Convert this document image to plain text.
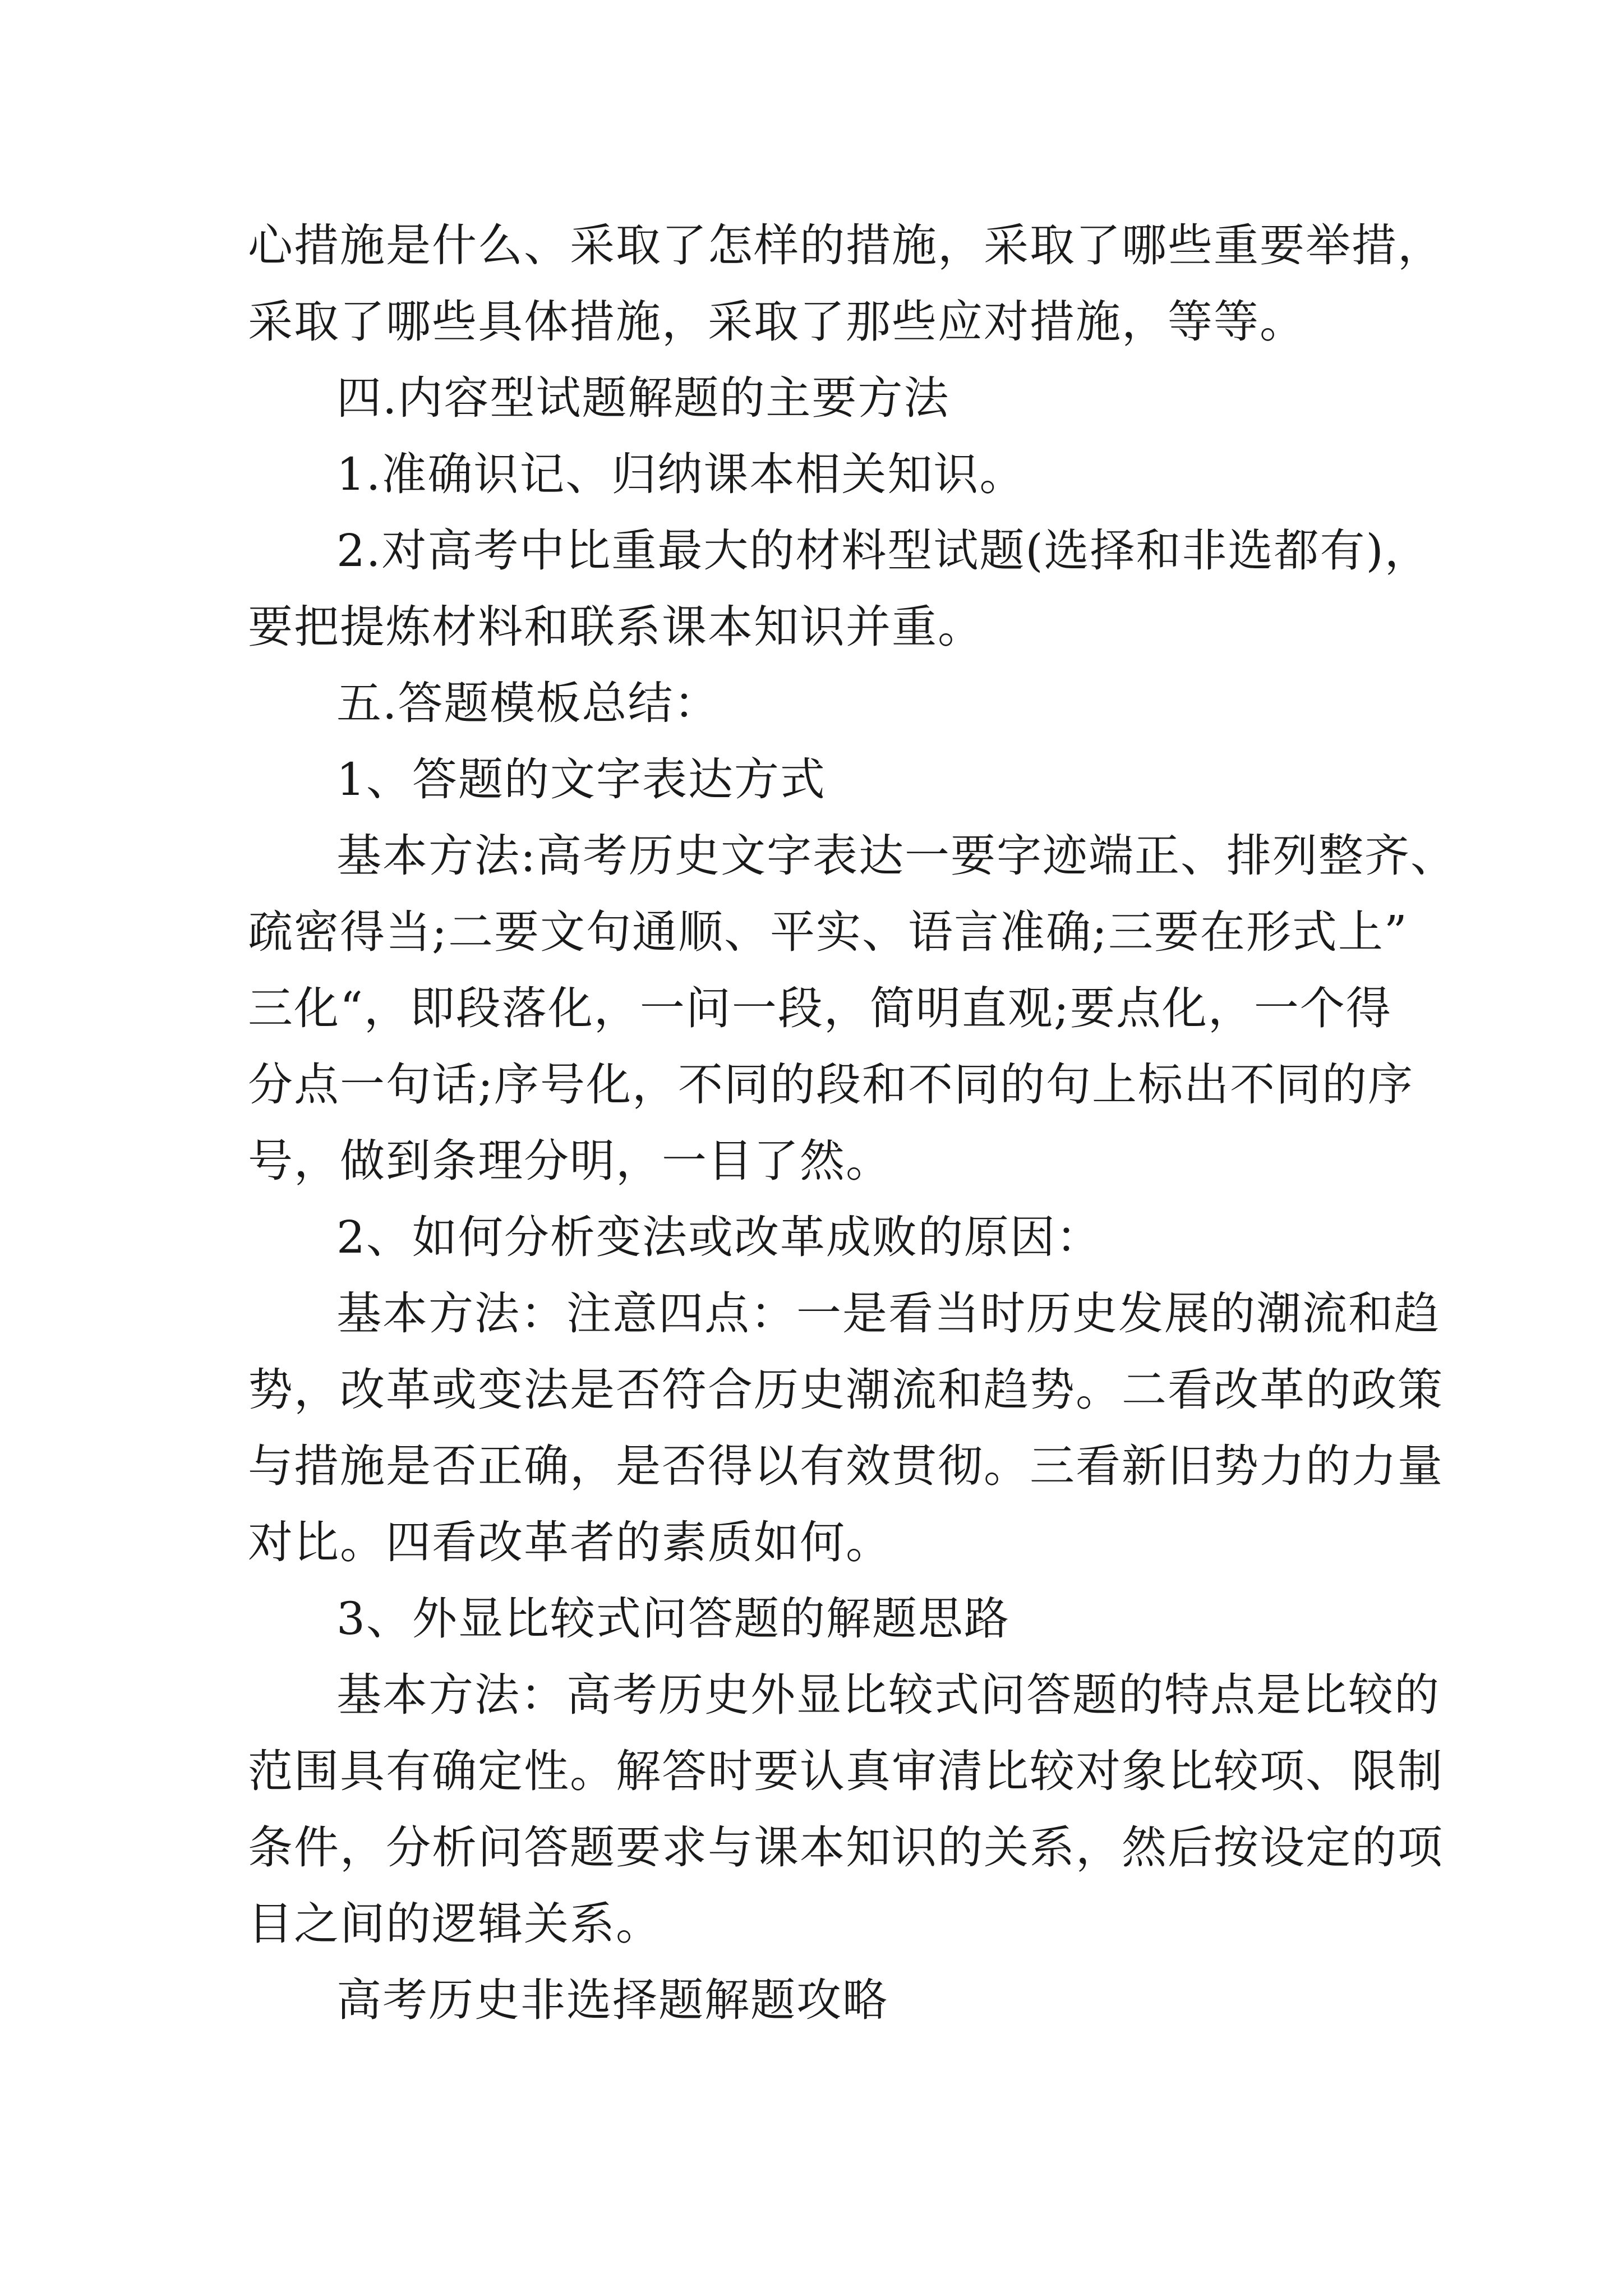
心措施是什么、采取了怎样的措施，采取了哪些重要举措，
采取了哪些具体措施，采取了那些应对措施，等等。
四.内容型试题解题的主要方法
1.准确识记、归纳课本相关知识。
2.对高考中比重最大的材料型试题(选择和非选都有)，
要把提炼材料和联系课本知识并重。
五.答题模板总结：
1、答题的文字表达方式
基本方法:高考历史文字表达一要字迹端正、排列整齐、
疏密得当;二要文句通顺、平实、语言准确;三要在形式上”
三化“，即段落化，一问一段，简明直观;要点化，一个得
分点一句话;序号化，不同的段和不同的句上标出不同的序
号，做到条理分明，一目了然。
2、如何分析变法或改革成败的原因：
基本方法：注意四点：一是看当时历史发展的潮流和趋
势，改革或变法是否符合历史潮流和趋势。二看改革的政策
与措施是否正确，是否得以有效贯彻。三看新旧势力的力量
对比。四看改革者的素质如何。
3、外显比较式问答题的解题思路
基本方法：高考历史外显比较式问答题的特点是比较的
范围具有确定性。解答时要认真审清比较对象比较项、限制
条件，分析问答题要求与课本知识的关系，然后按设定的项
目之间的逻辑关系。
高考历史非选择题解题攻略
